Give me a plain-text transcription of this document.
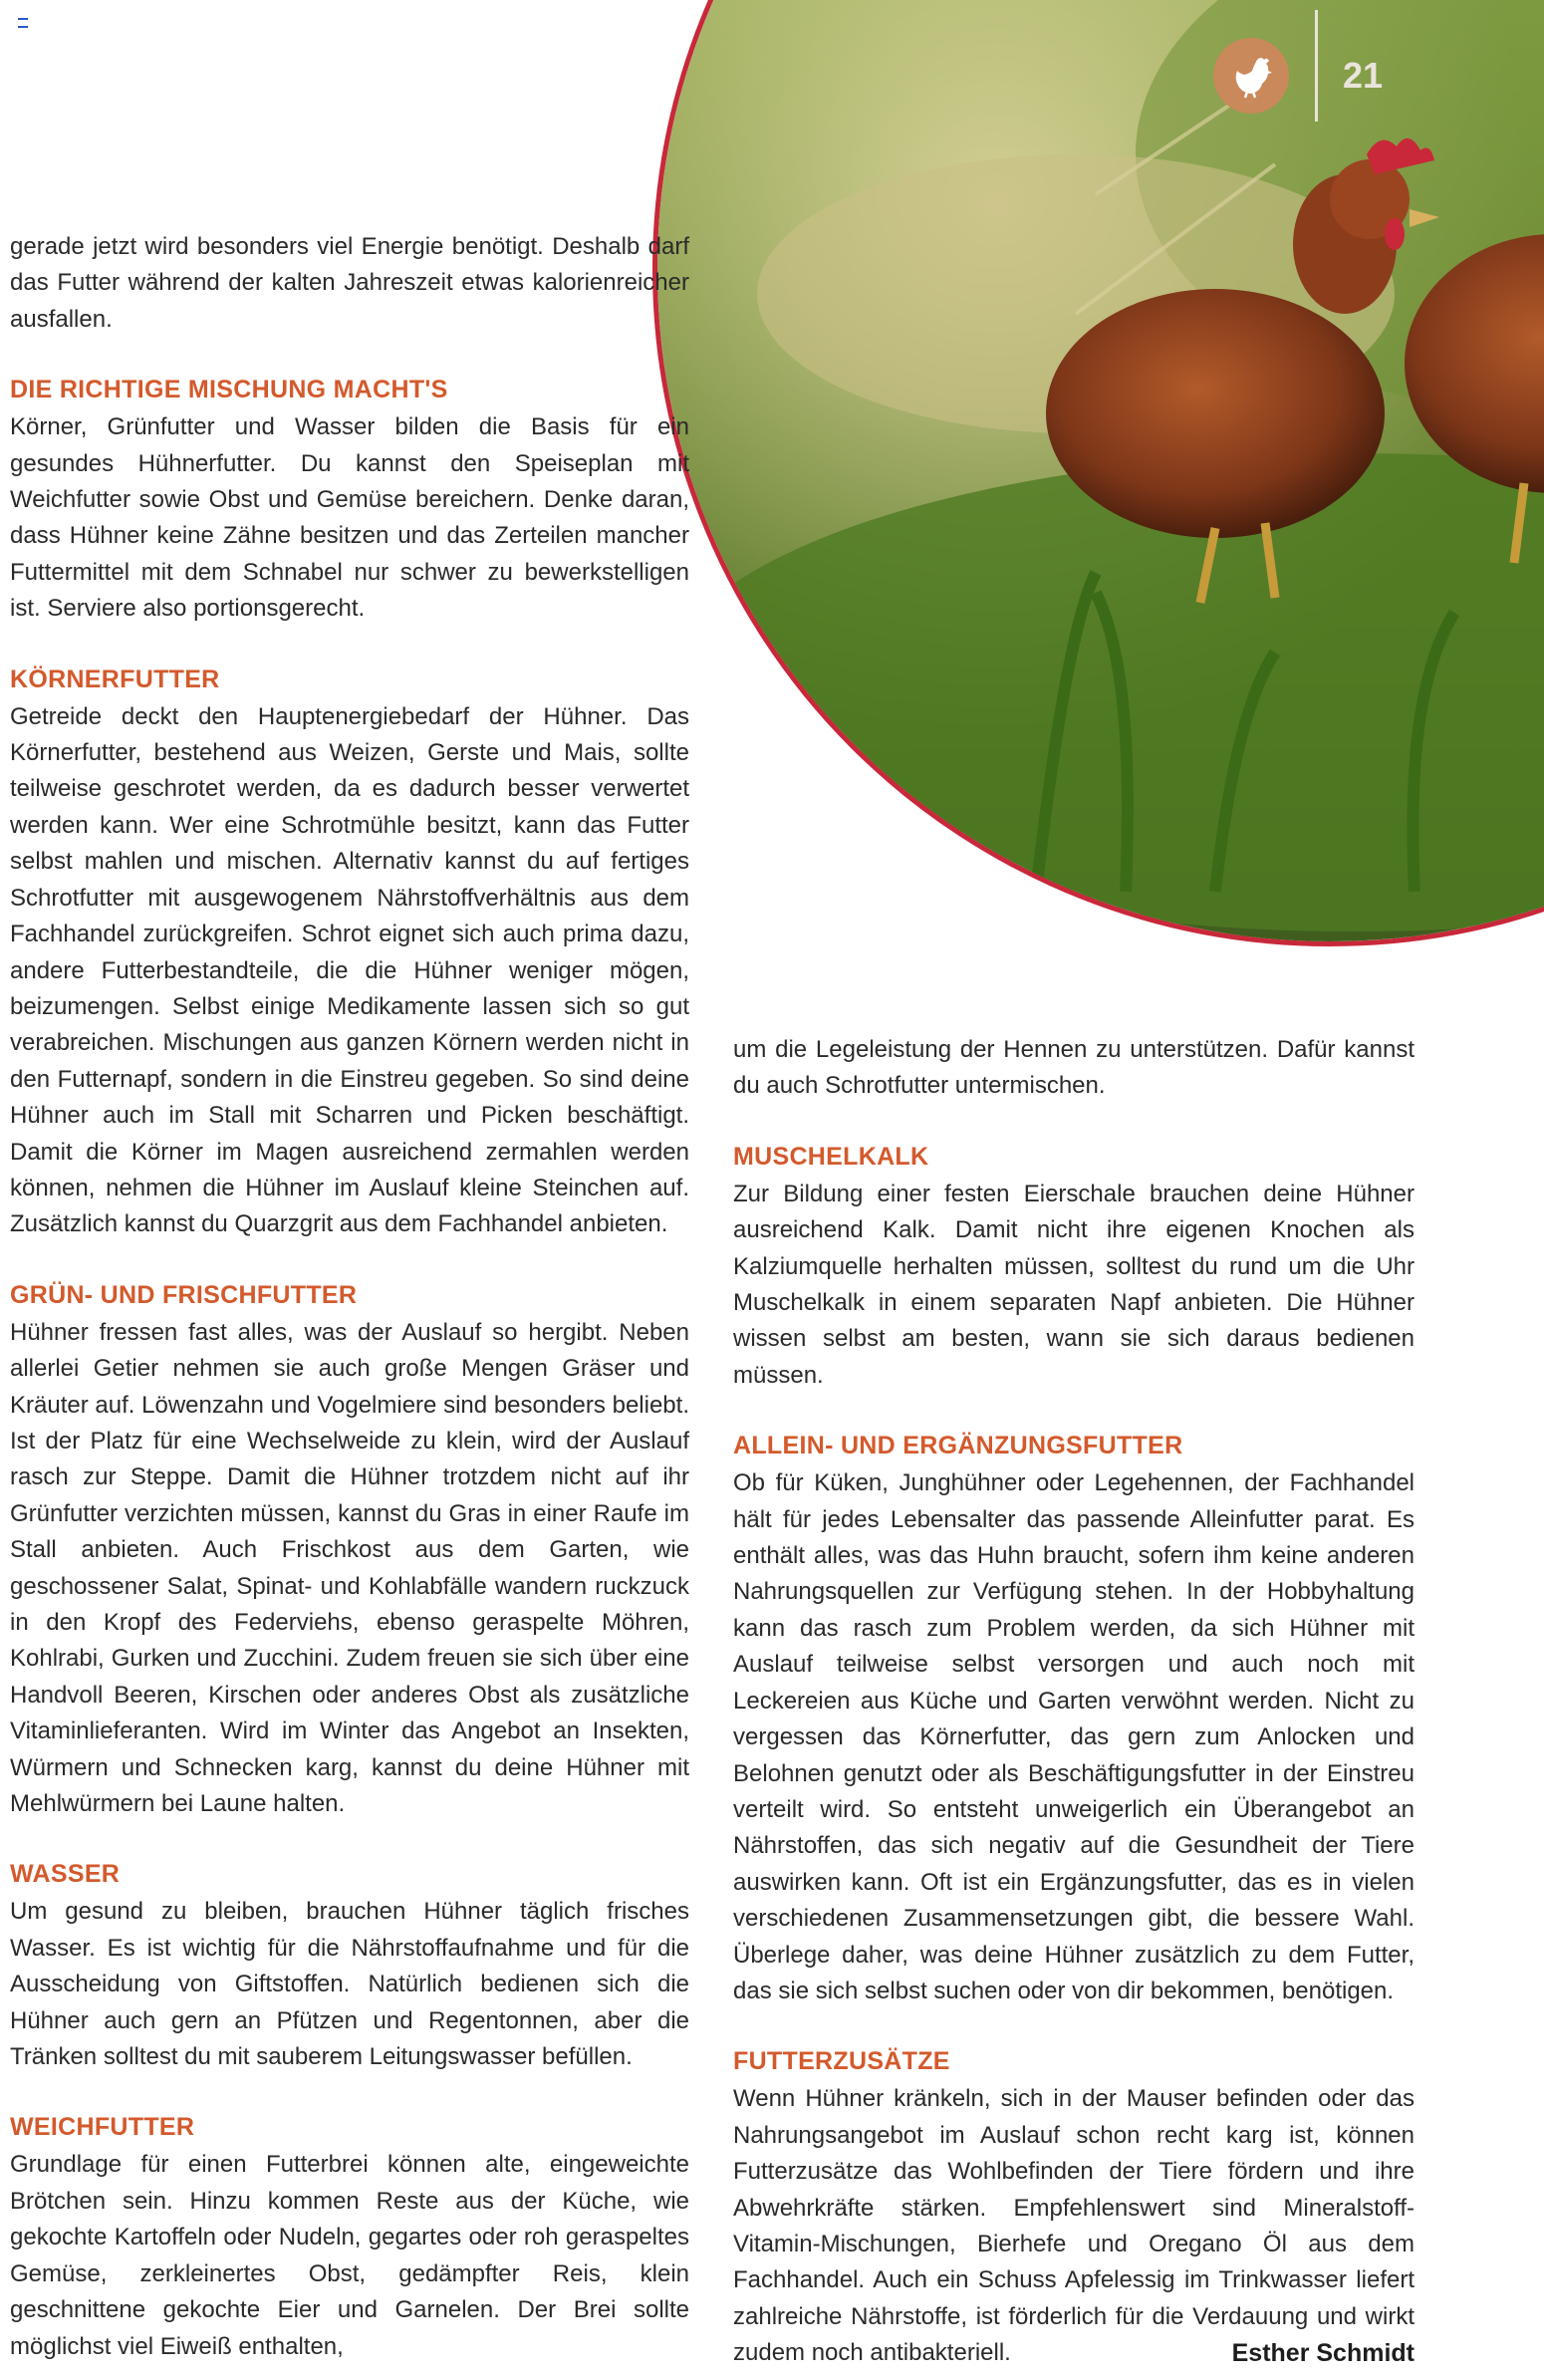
21

gerade jetzt wird besonders viel Energie benötigt. Deshalb darf das Futter während der kalten Jahreszeit etwas kalorienreicher ausfallen.

DIE RICHTIGE MISCHUNG MACHT'S

Körner, Grünfutter und Wasser bilden die Basis für ein gesundes Hühnerfutter. Du kannst den Speiseplan mit Weichfutter sowie Obst und Gemüse bereichern. Denke daran, dass Hühner keine Zähne besitzen und das Zerteilen mancher Futtermittel mit dem Schnabel nur schwer zu bewerkstelligen ist. Serviere also portionsgerecht.

KÖRNERFUTTER

Getreide deckt den Hauptenergiebedarf der Hühner. Das Körnerfutter, bestehend aus Weizen, Gerste und Mais, sollte teilweise geschrotet werden, da es dadurch besser verwertet werden kann. Wer eine Schrotmühle besitzt, kann das Futter selbst mahlen und mischen. Alternativ kannst du auf fertiges Schrotfutter mit ausgewogenem Nährstoffverhältnis aus dem Fachhandel zurückgreifen. Schrot eignet sich auch prima dazu, andere Futterbestandteile, die die Hühner weniger mögen, beizumengen. Selbst einige Medikamente lassen sich so gut verabreichen. Mischungen aus ganzen Körnern werden nicht in den Futternapf, sondern in die Einstreu gegeben. So sind deine Hühner auch im Stall mit Scharren und Picken beschäftigt. Damit die Körner im Magen ausreichend zermahlen werden können, nehmen die Hühner im Auslauf kleine Steinchen auf. Zusätzlich kannst du Quarzgrit aus dem Fachhandel anbieten.

GRÜN- UND FRISCHFUTTER

Hühner fressen fast alles, was der Auslauf so hergibt. Neben allerlei Getier nehmen sie auch große Mengen Gräser und Kräuter auf. Löwenzahn und Vogelmiere sind besonders beliebt. Ist der Platz für eine Wechselweide zu klein, wird der Auslauf rasch zur Steppe. Damit die Hühner trotzdem nicht auf ihr Grünfutter verzichten müssen, kannst du Gras in einer Raufe im Stall anbieten. Auch Frischkost aus dem Garten, wie geschossener Salat, Spinat- und Kohlabfälle wandern ruckzuck in den Kropf des Federviehs, ebenso geraspelte Möhren, Kohlrabi, Gurken und Zucchini. Zudem freuen sie sich über eine Handvoll Beeren, Kirschen oder anderes Obst als zusätzliche Vitaminlieferanten. Wird im Winter das Angebot an Insekten, Würmern und Schnecken karg, kannst du deine Hühner mit Mehlwürmern bei Laune halten.

WASSER

Um gesund zu bleiben, brauchen Hühner täglich frisches Wasser. Es ist wichtig für die Nährstoffaufnahme und für die Ausscheidung von Giftstoffen. Natürlich bedienen sich die Hühner auch gern an Pfützen und Regentonnen, aber die Tränken solltest du mit sauberem Leitungswasser befüllen.

WEICHFUTTER

Grundlage für einen Futterbrei können alte, eingeweichte Brötchen sein. Hinzu kommen Reste aus der Küche, wie gekochte Kartoffeln oder Nudeln, gegartes oder roh geraspeltes Gemüse, zerkleinertes Obst, gedämpfter Reis, klein geschnittene gekochte Eier und Garnelen. Der Brei sollte möglichst viel Eiweiß enthalten,

um die Legeleistung der Hennen zu unterstützen. Dafür kannst du auch Schrotfutter untermischen.

MUSCHELKALK

Zur Bildung einer festen Eierschale brauchen deine Hühner ausreichend Kalk. Damit nicht ihre eigenen Knochen als Kalziumquelle herhalten müssen, solltest du rund um die Uhr Muschelkalk in einem separaten Napf anbieten. Die Hühner wissen selbst am besten, wann sie sich daraus bedienen müssen.

ALLEIN- UND ERGÄNZUNGSFUTTER

Ob für Küken, Junghühner oder Legehennen, der Fachhandel hält für jedes Lebensalter das passende Alleinfutter parat. Es enthält alles, was das Huhn braucht, sofern ihm keine anderen Nahrungsquellen zur Verfügung stehen. In der Hobbyhaltung kann das rasch zum Problem werden, da sich Hühner mit Auslauf teilweise selbst versorgen und auch noch mit Leckereien aus Küche und Garten verwöhnt werden. Nicht zu vergessen das Körnerfutter, das gern zum Anlocken und Belohnen genutzt oder als Beschäftigungsfutter in der Einstreu verteilt wird. So entsteht unweigerlich ein Überangebot an Nährstoffen, das sich negativ auf die Gesundheit der Tiere auswirken kann. Oft ist ein Ergänzungsfutter, das es in vielen verschiedenen Zusammensetzungen gibt, die bessere Wahl. Überlege daher, was deine Hühner zusätzlich zu dem Futter, das sie sich selbst suchen oder von dir bekommen, benötigen.

FUTTERZUSÄTZE

Wenn Hühner kränkeln, sich in der Mauser befinden oder das Nahrungsangebot im Auslauf schon recht karg ist, können Futterzusätze das Wohlbefinden der Tiere fördern und ihre Abwehrkräfte stärken. Empfehlenswert sind Mineralstoff-Vitamin-Mischungen, Bierhefe und Oregano Öl aus dem Fachhandel. Auch ein Schuss Apfelessig im Trinkwasser liefert zahlreiche Nährstoffe, ist förderlich für die Verdauung und wirkt zudem noch antibakteriell.	Esther Schmidt
